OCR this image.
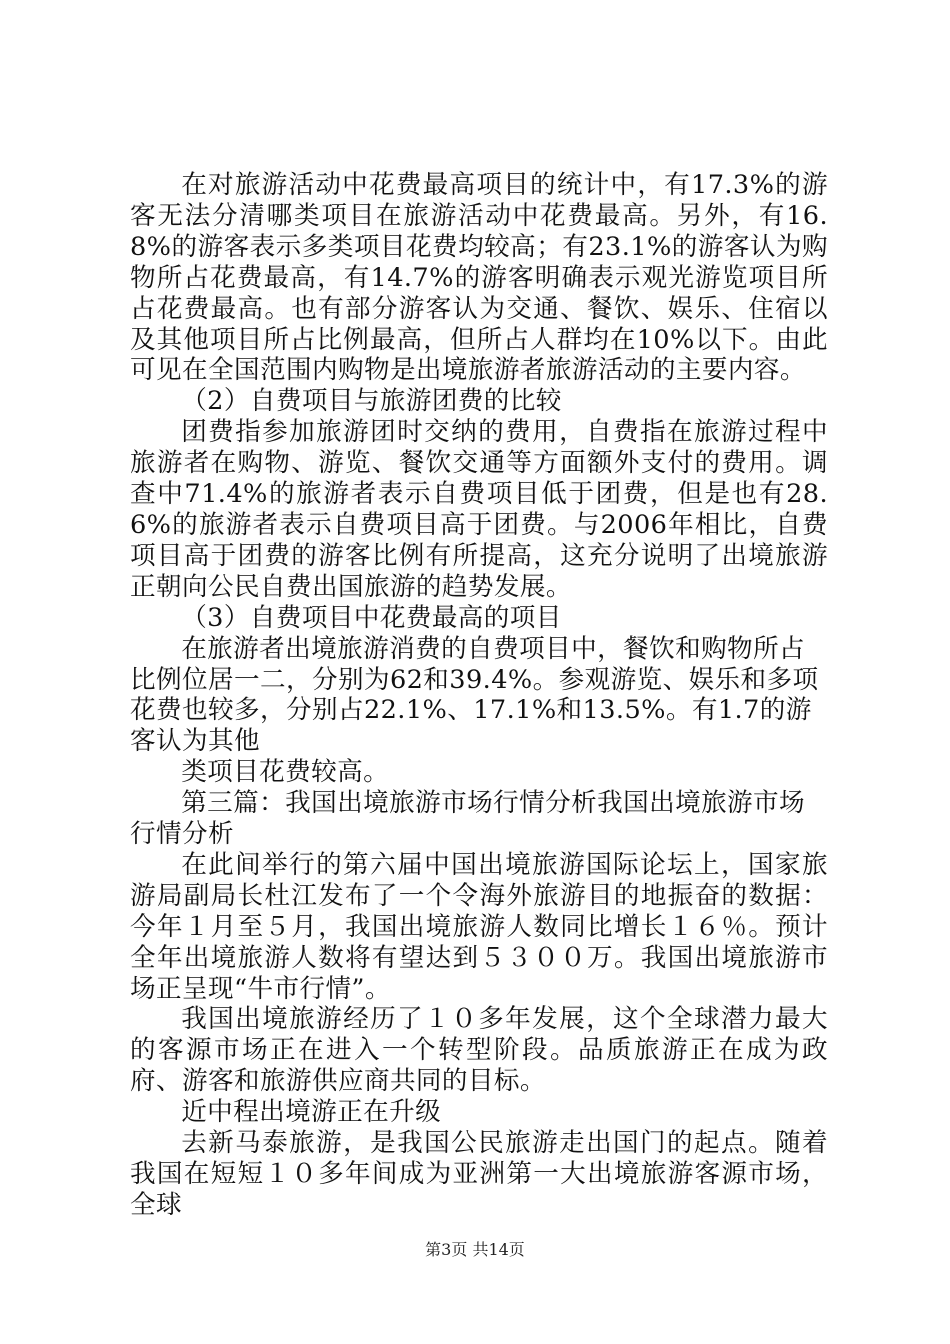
在对旅游活动中花费最高项目的统计中，有17.3%的游客无法分清哪类项目在旅游活动中花费最高。另外，有16.8%的游客表示多类项目花费均较高；有23.1%的游客认为购物所占花费最高，有14.7%的游客明确表示观光游览项目所占花费最高。也有部分游客认为交通、餐饮、娱乐、住宿以及其他项目所占比例最高，但所占人群均在10%以下。由此可见在全国范围内购物是出境旅游者旅游活动的主要内容。

（2）自费项目与旅游团费的比较

团费指参加旅游团时交纳的费用，自费指在旅游过程中旅游者在购物、游览、餐饮交通等方面额外支付的费用。调查中71.4%的旅游者表示自费项目低于团费，但是也有28.6%的旅游者表示自费项目高于团费。与2006年相比，自费项目高于团费的游客比例有所提高，这充分说明了出境旅游正朝向公民自费出国旅游的趋势发展。

（3）自费项目中花费最高的项目

在旅游者出境旅游消费的自费项目中，餐饮和购物所占比例位居一二，分别为62和39.4%。参观游览、娱乐和多项花费也较多，分别占22.1%、17.1%和13.5%。有1.7的游客认为其他

类项目花费较高。

第三篇：我国出境旅游市场行情分析我国出境旅游市场行情分析

在此间举行的第六届中国出境旅游国际论坛上，国家旅游局副局长杜江发布了一个令海外旅游目的地振奋的数据：今年１月至５月，我国出境旅游人数同比增长１６％。预计全年出境旅游人数将有望达到５３００万。我国出境旅游市场正呈现“牛市行情”。

我国出境旅游经历了１０多年发展，这个全球潜力最大的客源市场正在进入一个转型阶段。品质旅游正在成为政府、游客和旅游供应商共同的目标。

近中程出境游正在升级

去新马泰旅游，是我国公民旅游走出国门的起点。随着我国在短短１０多年间成为亚洲第一大出境旅游客源市场，全球

第3页 共14页
